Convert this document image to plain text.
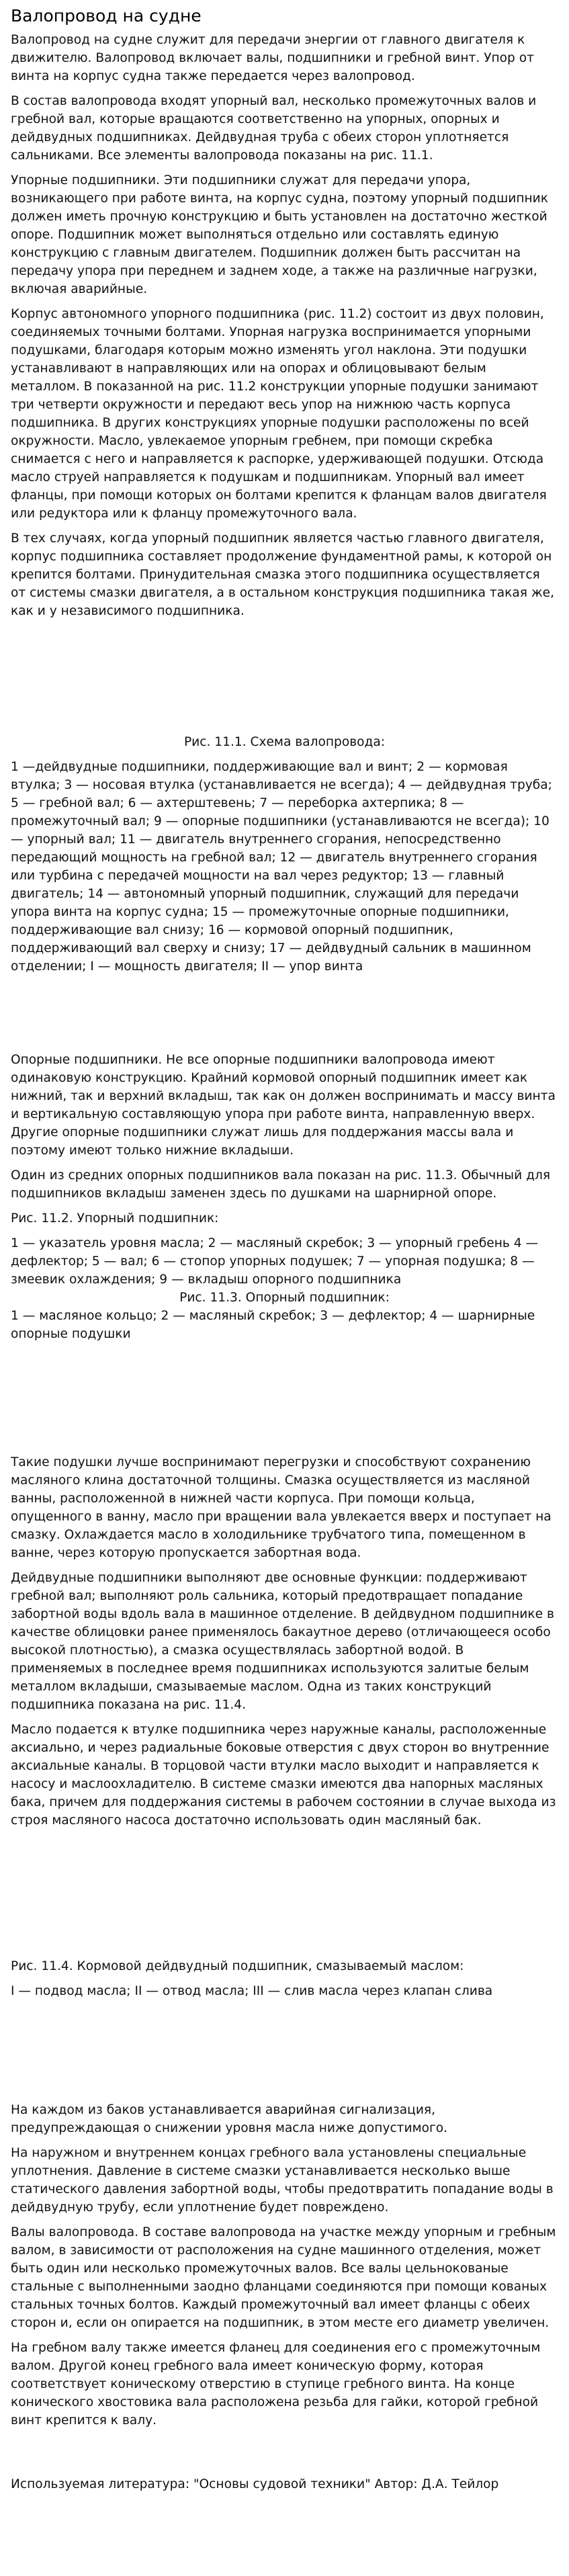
Валопровод на судне

Валопровод на судне служит для передачи энергии от главного двигателя к движителю. Валопровод включает валы, подшипники и гребной винт. Упор от винта на корпус судна также передается через валопровод.

В состав валопровода входят упорный вал, несколько промежуточных валов и гребной вал, которые вращаются соответственно на упорных, опорных и дейдвудных подшипниках. Дейдвудная труба с обеих сторон уплотняется сальниками. Все элементы валопровода показаны на рис. 11.1.

Упорные подшипники. Эти подшипники служат для передачи упора, возникающего при работе винта, на корпус судна, поэтому упорный подшипник должен иметь прочную конструкцию и быть установлен на достаточно жесткой опоре. Подшипник может выполняться отдельно или составлять единую конструкцию с главным двигателем. Подшипник должен быть рассчитан на передачу упора при переднем и заднем ходе, а также на различные нагрузки, включая аварийные.

Корпус автономного упорного подшипника (рис. 11.2) состоит из двух половин, соединяемых точными болтами. Упорная нагрузка воспринимается упорными подушками, благодаря которым можно изменять угол наклона. Эти подушки устанавливают в направляющих или на опорах и облицовывают белым металлом. В показанной на рис. 11.2 конструкции упорные подушки занимают три четверти окружности и передают весь упор на нижнюю часть корпуса подшипника. В других конструкциях упорные подушки расположены по всей окружности. Масло, увлекаемое упорным гребнем, при помощи скребка снимается с него и направляется к распорке, удерживающей подушки. Отсюда масло струей направляется к подушкам и подшипникам. Упорный вал имеет фланцы, при помощи которых он болтами крепится к фланцам валов двигателя или редуктора или к фланцу промежуточного вала.

В тех случаях, когда упорный подшипник является частью главного двигателя, корпус подшипника составляет продолжение фундаментной рамы, к которой он крепится болтами. Принудительная смазка этого подшипника осуществляется от системы смазки двигателя, а в остальном конструкция подшипника такая же, как и у независимого подшипника.

Рис. 11.1. Схема валопровода:

1 —дейдвудные подшипники, поддерживающие вал и винт; 2 — кормовая втулка; 3 — носовая втулка (устанавливается не всегда); 4 — дейдвудная труба; 5 — гребной вал; 6 — ахтерштевень; 7 — переборка ахтерпика; 8 — промежуточный вал; 9 — опорные подшипники (устанавливаются не всегда); 10 — упорный вал; 11 — двигатель внутреннего сгорания, непосредственно передающий мощность на гребной вал; 12 — двигатель внутреннего сгорания или турбина с передачей мощности на вал через редуктор; 13 — главный двигатель; 14 — автономный упорный подшипник, служащий для передачи упора винта на корпус судна; 15 — промежуточные опорные подшипники, поддерживающие вал снизу; 16 — кормовой опорный подшипник, поддерживающий вал сверху и снизу; 17 — дейдвудный сальник в машинном отделении; I — мощность двигателя; II — упор винта

Опорные подшипники. Не все опорные подшипники валопровода имеют одинаковую конструкцию. Крайний кормовой опорный подшипник имеет как нижний, так и верхний вкладыш, так как он должен воспринимать и массу винта и вертикальную составляющую упора при работе винта, направленную вверх. Другие опорные подшипники служат лишь для поддержания массы вала и поэтому имеют только нижние вкладыши.

Один из средних опорных подшипников вала показан на рис. 11.3. Обычный для подшипников вкладыш заменен здесь по душками на шарнирной опоре.

Рис. 11.2. Упорный подшипник:

1 — указатель уровня масла; 2 — масляный скребок; 3 — упорный гребень 4 — дефлектор; 5 — вал; 6 — стопор упорных подушек; 7 — упорная подушка; 8 — змеевик охлаждения; 9 — вкладыш опорного подшипника

Рис. 11.3. Опорный подшипник:

1 — масляное кольцо; 2 — масляный скребок; 3 — дефлектор; 4 — шарнирные опорные подушки

Такие подушки лучше воспринимают перегрузки и способствуют сохранению масляного клина достаточной толщины. Смазка осуществляется из масляной ванны, расположенной в нижней части корпуса. При помощи кольца, опущенного в ванну, масло при вращении вала увлекается вверх и поступает на смазку. Охлаждается масло в холодильнике трубчатого типа, помещенном в ванне, через которую пропускается забортная вода.

Дейдвудные подшипники выполняют две основные функции: поддерживают гребной вал; выполняют роль сальника, который предотвращает попадание забортной воды вдоль вала в машинное отделение. В дейдвудном подшипнике в качестве облицовки ранее применялось бакаутное дерево (отличающееся особо высокой плотностью), а смазка осуществлялась забортной водой. В применяемых в последнее время подшипниках используются залитые белым металлом вкладыши, смазываемые маслом. Одна из таких конструкций подшипника показана на рис. 11.4.

Масло подается к втулке подшипника через наружные каналы, расположенные аксиально, и через радиальные боковые отверстия с двух сторон во внутренние аксиальные каналы. В торцовой части втулки масло выходит и направляется к насосу и маслоохладителю. В системе смазки имеются два напорных масляных бака, причем для поддержания системы в рабочем состоянии в случае выхода из строя масляного насоса достаточно использовать один масляный бак.

Рис. 11.4. Кормовой дейдвудный подшипник, смазываемый маслом:

I — подвод масла; II — отвод масла; III — слив масла через клапан слива

На каждом из баков устанавливается аварийная сигнализация, предупреждающая о снижении уровня масла ниже допустимого.

На наружном и внутреннем концах гребного вала установлены специальные уплотнения. Давление в системе смазки устанавливается несколько выше статического давления забортной воды, чтобы предотвратить попадание воды в дейдвудную трубу, если уплотнение будет повреждено.

Валы валопровода. В составе валопровода на участке между упорным и гребным валом, в зависимости от расположения на судне машинного отделения, может быть один или несколько промежуточных валов. Все валы цельнокованые стальные с выполненными заодно фланцами соединяются при помощи кованых стальных точных болтов. Каждый промежуточный вал имеет фланцы с обеих сторон и, если он опирается на подшипник, в этом месте его диаметр увеличен.

На гребном валу также имеется фланец для соединения его с промежуточным валом. Другой конец гребного вала имеет коническую форму, которая соответствует коническому отверстию в ступице гребного винта. На конце конического хвостовика вала расположена резьба для гайки, которой гребной винт крепится к валу.

Используемая литература: "Основы судовой техники" Автор: Д.А. Тейлор
